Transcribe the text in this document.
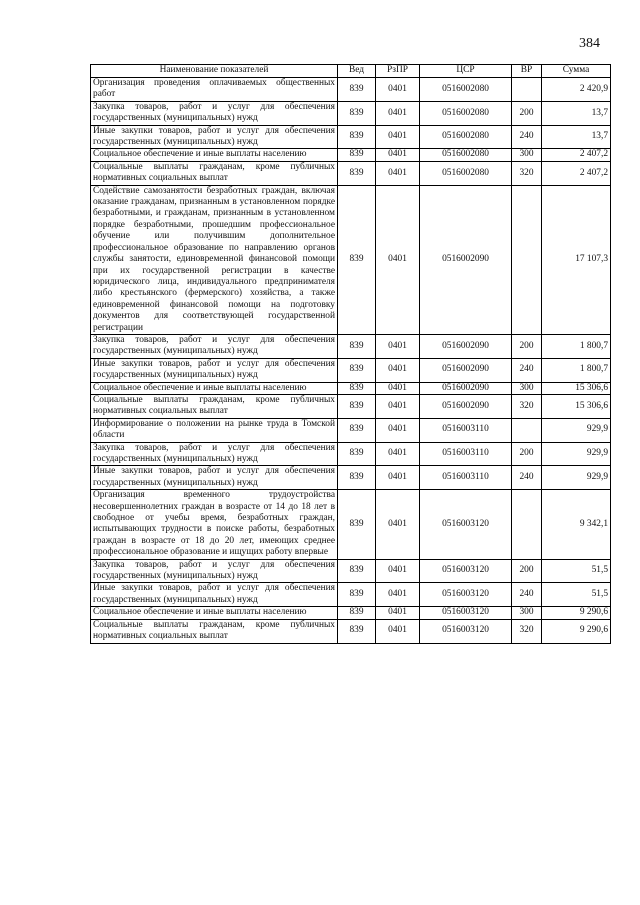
384
Наименование показателей	Вед	РзПР	ЦСР	ВР	Сумма
Организация проведения оплачиваемых общественных работ	839	0401	0516002080		2 420,9
Закупка товаров, работ и услуг для обеспечения государственных (муниципальных) нужд	839	0401	0516002080	200	13,7
Иные закупки товаров, работ и услуг для обеспечения государственных (муниципальных) нужд	839	0401	0516002080	240	13,7
Социальное обеспечение и иные выплаты населению	839	0401	0516002080	300	2 407,2
Социальные выплаты гражданам, кроме публичных нормативных социальных выплат	839	0401	0516002080	320	2 407,2
Содействие самозанятости безработных граждан, включая оказание гражданам, признанным в установленном порядке безработными, и гражданам, признанным в установленном порядке безработными, прошедшим профессиональное обучение или получившим дополнительное профессиональное образование по направлению органов службы занятости, единовременной финансовой помощи при их государственной регистрации в качестве юридического лица, индивидуального предпринимателя либо крестьянского (фермерского) хозяйства, а также единовременной финансовой помощи на подготовку документов для соответствующей государственной регистрации	839	0401	0516002090		17 107,3
Закупка товаров, работ и услуг для обеспечения государственных (муниципальных) нужд	839	0401	0516002090	200	1 800,7
Иные закупки товаров, работ и услуг для обеспечения государственных (муниципальных) нужд	839	0401	0516002090	240	1 800,7
Социальное обеспечение и иные выплаты населению	839	0401	0516002090	300	15 306,6
Социальные выплаты гражданам, кроме публичных нормативных социальных выплат	839	0401	0516002090	320	15 306,6
Информирование о положении на рынке труда в Томской области	839	0401	0516003110		929,9
Закупка товаров, работ и услуг для обеспечения государственных (муниципальных) нужд	839	0401	0516003110	200	929,9
Иные закупки товаров, работ и услуг для обеспечения государственных (муниципальных) нужд	839	0401	0516003110	240	929,9
Организация временного трудоустройства несовершеннолетних граждан в возрасте от 14 до 18 лет в свободное от учебы время, безработных граждан, испытывающих трудности в поиске работы, безработных граждан в возрасте от 18 до 20 лет, имеющих среднее профессиональное образование и ищущих работу впервые	839	0401	0516003120		9 342,1
Закупка товаров, работ и услуг для обеспечения государственных (муниципальных) нужд	839	0401	0516003120	200	51,5
Иные закупки товаров, работ и услуг для обеспечения государственных (муниципальных) нужд	839	0401	0516003120	240	51,5
Социальное обеспечение и иные выплаты населению	839	0401	0516003120	300	9 290,6
Социальные выплаты гражданам, кроме публичных нормативных социальных выплат	839	0401	0516003120	320	9 290,6
